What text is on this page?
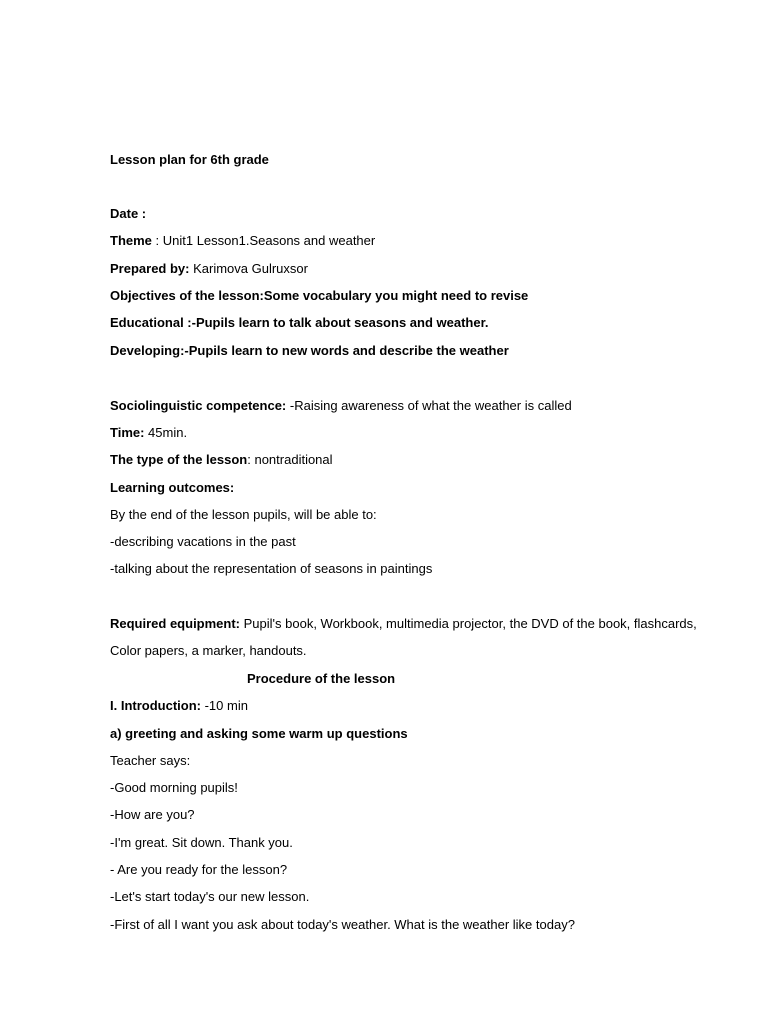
Lesson plan for 6th grade
Date :
Theme : Unit1 Lesson1.Seasons and weather
Prepared by: Karimova Gulruxsor
Objectives of the lesson:Some vocabulary you might need to revise
Educational :-Pupils learn to talk about seasons and weather.
Developing:-Pupils learn to new words and describe the weather
Sociolinguistic competence: -Raising awareness of what the weather is called
Time: 45min.
The type of the lesson: nontraditional
Learning outcomes:
By the end of the lesson pupils, will be able to:
-describing vacations in the past
-talking about the representation of seasons in paintings
Required equipment: Pupil's book, Workbook, multimedia projector, the DVD of the book, flashcards,
Color papers, a marker, handouts.
Procedure of the lesson
I. Introduction: -10 min
a) greeting and asking some warm up questions
Teacher says:
-Good morning pupils!
-How are you?
-I'm great. Sit down. Thank you.
- Are you ready for the lesson?
-Let's start today's our new lesson.
-First of all I want you ask about today's weather. What is the weather like today?
